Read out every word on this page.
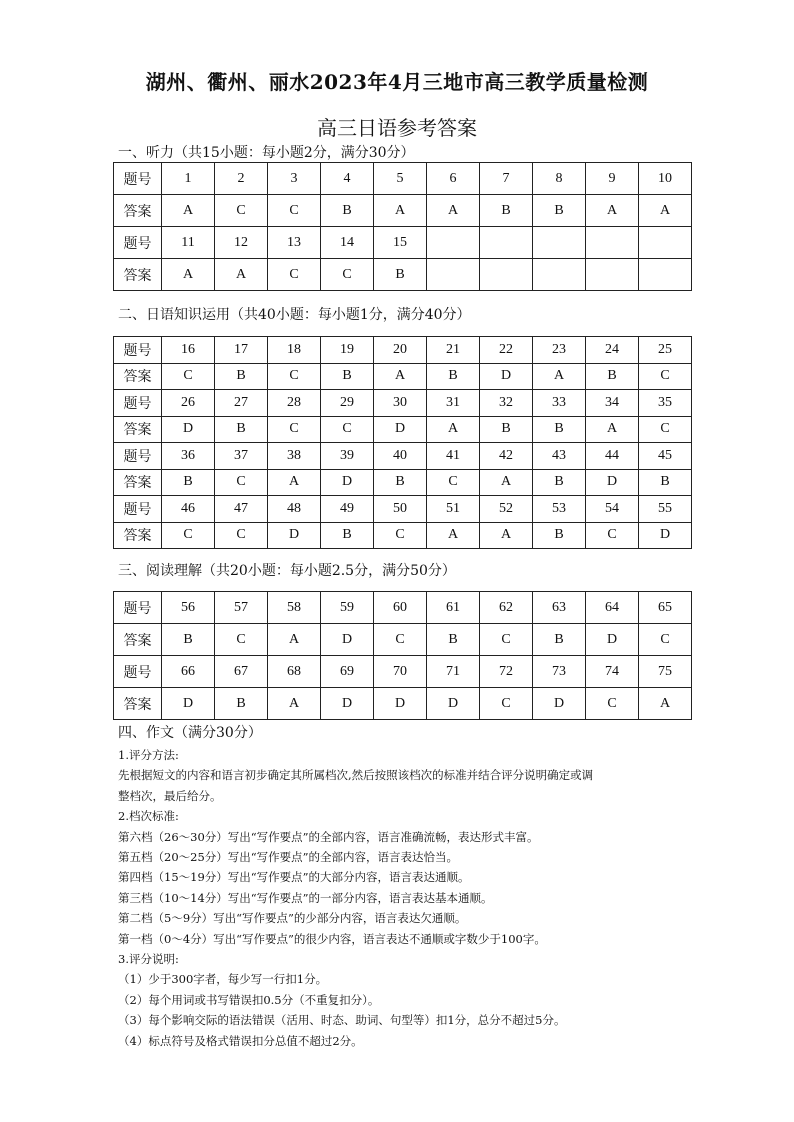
湖州、衢州、丽水2023年4月三地市高三教学质量检测
高三日语参考答案
一、听力（共15小题：每小题2分，满分30分）
题号	1	2	3	4	5	6	7	8	9	10
答案	A	C	C	B	A	A	B	B	A	A
题号	11	12	13	14	15					
答案	A	A	C	C	B					
二、日语知识运用（共40小题：每小题1分，满分40分）
题号	16	17	18	19	20	21	22	23	24	25
答案	C	B	C	B	A	B	D	A	B	C
题号	26	27	28	29	30	31	32	33	34	35
答案	D	B	C	C	D	A	B	B	A	C
题号	36	37	38	39	40	41	42	43	44	45
答案	B	C	A	D	B	C	A	B	D	B
题号	46	47	48	49	50	51	52	53	54	55
答案	C	C	D	B	C	A	A	B	C	D
三、阅读理解（共20小题：每小题2.5分，满分50分）
题号	56	57	58	59	60	61	62	63	64	65
答案	B	C	A	D	C	B	C	B	D	C
题号	66	67	68	69	70	71	72	73	74	75
答案	D	B	A	D	D	D	C	D	C	A
四、作文（满分30分）

1.评分方法:

先根据短文的内容和语言初步确定其所属档次,然后按照该档次的标准并结合评分说明确定或调

整档次，最后给分。

2.档次标准:

第六档（26～30分）写出“写作要点”的全部内容，语言准确流畅，表达形式丰富。

第五档（20～25分）写出“写作要点”的全部内容，语言表达恰当。

第四档（15～19分）写出“写作要点”的大部分内容，语言表达通顺。

第三档（10～14分）写出“写作要点”的一部分内容，语言表达基本通顺。

第二档（5～9分）写出“写作要点”的少部分内容，语言表达欠通顺。

第一档（0～4分）写出“写作要点”的很少内容，语言表达不通顺或字数少于100字。

3.评分说明:

（1）少于300字者，每少写一行扣1分。

（2）每个用词或书写错误扣0.5分（不重复扣分）。

（3）每个影响交际的语法错误（活用、时态、助词、句型等）扣1分，总分不超过5分。

（4）标点符号及格式错误扣分总值不超过2分。
